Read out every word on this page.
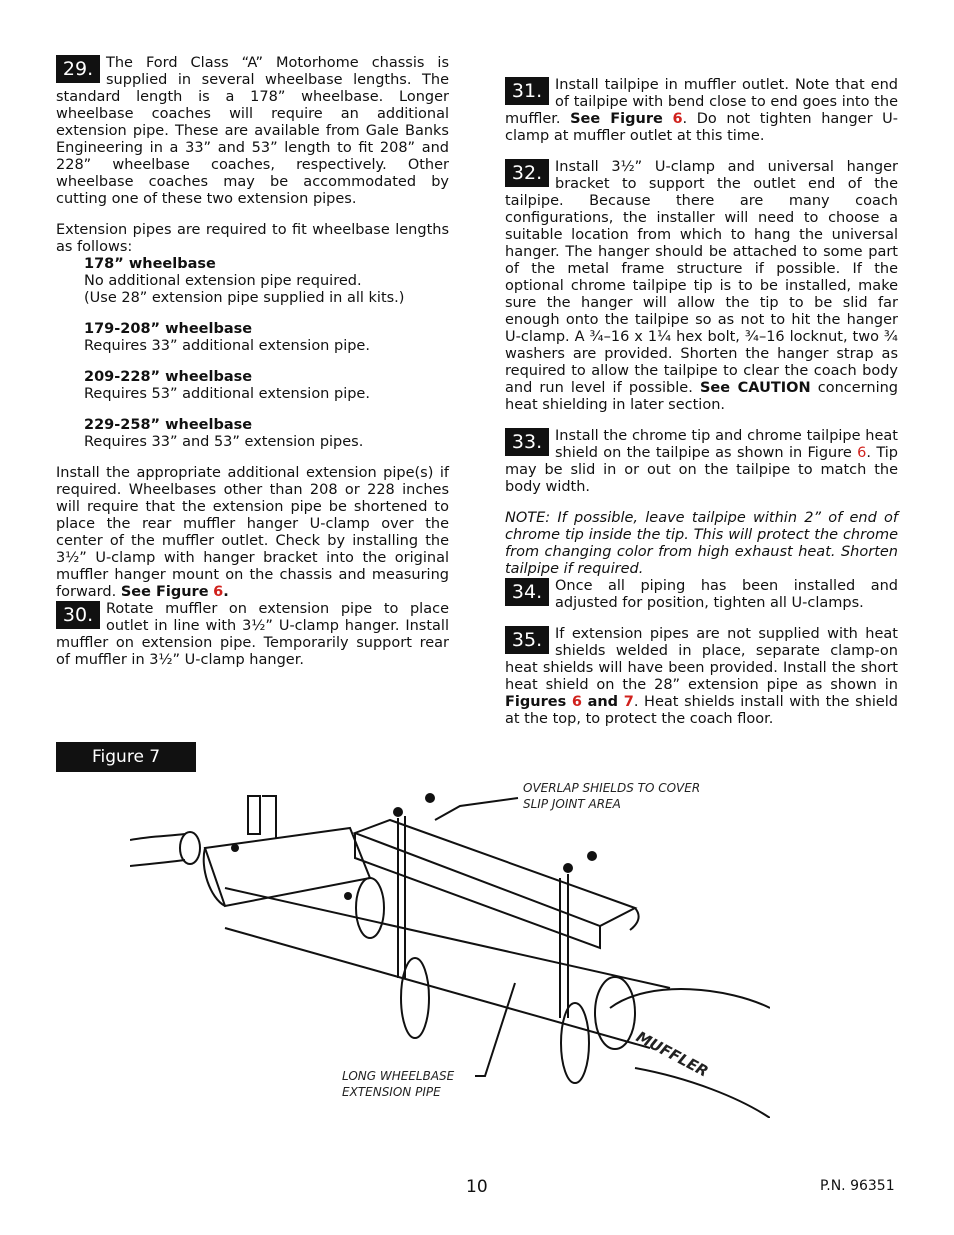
29. The Ford Class “A” Motorhome chassis is supplied in several wheelbase lengths. The standard length is a 178” wheelbase. Longer wheelbase coaches will require an additional extension pipe. These are available from Gale Banks Engineering in a 33” and 53” length to fit 208” and 228” wheelbase coaches, respectively. Other wheelbase coaches may be accommodated by cutting one of these two extension pipes.

Extension pipes are required to fit wheelbase lengths as follows:

178” wheelbase
No additional extension pipe required.
(Use 28” extension pipe supplied in all kits.)
179-208” wheelbase
Requires 33” additional extension pipe.
209-228” wheelbase
Requires 53” additional extension pipe.
229-258” wheelbase
Requires 33” and 53” extension pipes.

Install the appropriate additional extension pipe(s) if required. Wheelbases other than 208 or 228 inches will require that the extension pipe be shortened to place the rear muffler hanger U-clamp over the center of the muffler outlet. Check by installing the 3½” U-clamp with hanger bracket into the original muffler hanger mount on the chassis and measuring forward. See Figure 6.

30. Rotate muffler on extension pipe to place outlet in line with 3½” U-clamp hanger. Install muffler on extension pipe. Temporarily support rear of muffler in 3½” U-clamp hanger.
31. Install tailpipe in muffler outlet. Note that end of tailpipe with bend close to end goes into the muffler. See Figure 6. Do not tighten hanger U-clamp at muffler outlet at this time.
32. Install 3½” U-clamp and universal hanger bracket to support the outlet end of the tailpipe. Because there are many coach configurations, the installer will need to choose a suitable location from which to hang the universal hanger. The hanger should be attached to some part of the metal frame structure if possible. If the optional chrome tailpipe tip is to be installed, make sure the hanger will allow the tip to be slid far enough onto the tailpipe so as not to hit the hanger U-clamp. A ¾–16 x 1¼ hex bolt, ¾–16 locknut, two ¾ washers are provided. Shorten the hanger strap as required to allow the tailpipe to clear the coach body and run level if possible. See CAUTION concerning heat shielding in later section.
33. Install the chrome tip and chrome tailpipe heat shield on the tailpipe as shown in Figure 6. Tip may be slid in or out on the tailpipe to match the body width.

NOTE: If possible, leave tailpipe within 2” of end of chrome tip inside the tip. This will protect the chrome from changing color from high exhaust heat. Shorten tailpipe if required.

34. Once all piping has been installed and adjusted for position, tighten all U-clamps.
35. If extension pipes are not supplied with heat shields welded in place, separate clamp-on heat shields will have been provided. Install the short heat shield on the 28” extension pipe as shown in Figures 6 and 7. Heat shields install with the shield at the top, to protect the coach floor.
Figure 7
OVERLAP SHIELDS TO COVER
SLIP JOINT AREA
LONG WHEELBASE
EXTENSION PIPE
MUFFLER
10	P.N. 96351
